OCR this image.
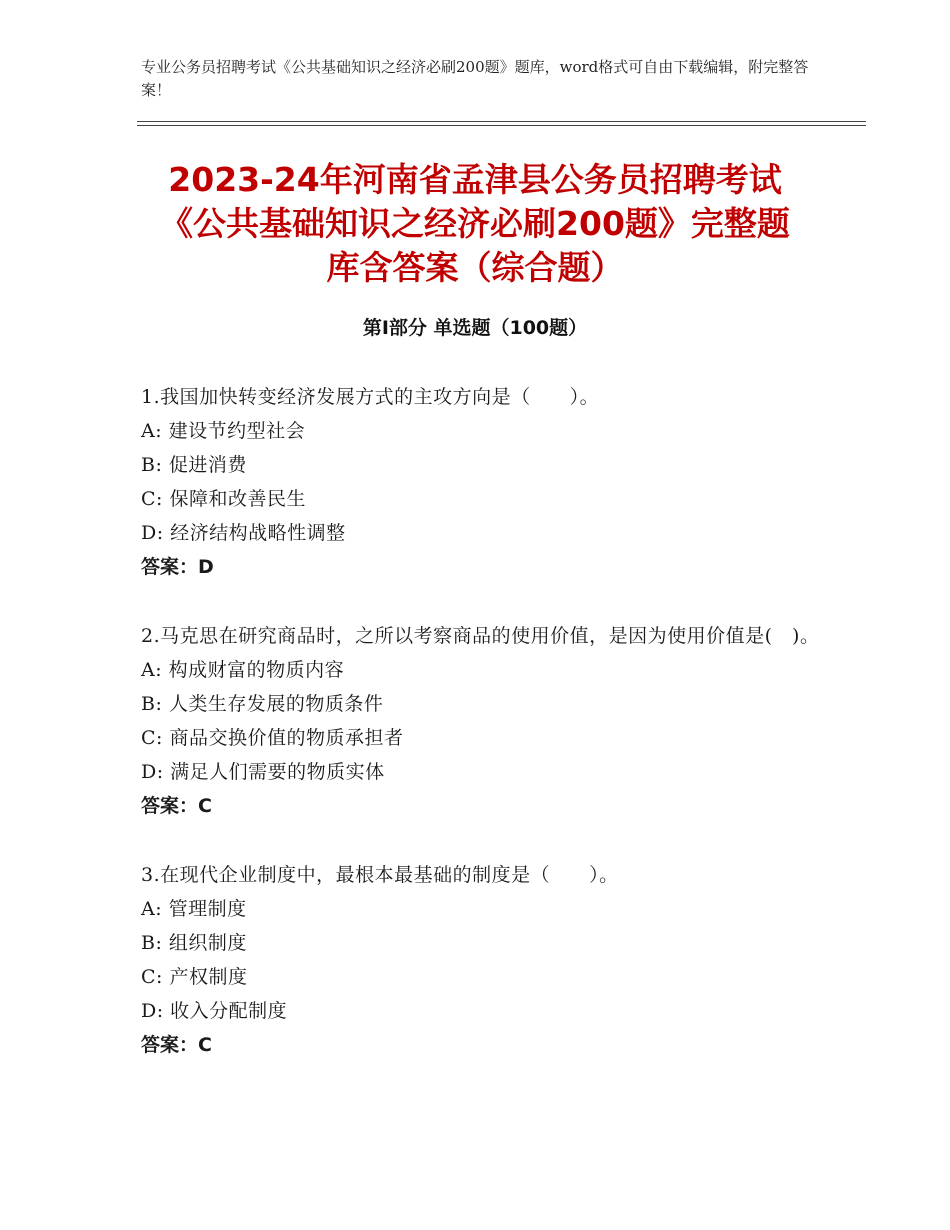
专业公务员招聘考试《公共基础知识之经济必刷200题》题库，word格式可自由下载编辑，附完整答案！
2023-24年河南省孟津县公务员招聘考试
《公共基础知识之经济必刷200题》完整题
库含答案（综合题）
第Ⅰ部分 单选题（100题）
1.我国加快转变经济发展方式的主攻方向是（　　）。
A: 建设节约型社会
B: 促进消费
C: 保障和改善民生
D: 经济结构战略性调整
答案：D
2.马克思在研究商品时，之所以考察商品的使用价值，是因为使用价值是(　)。
A: 构成财富的物质内容
B: 人类生存发展的物质条件
C: 商品交换价值的物质承担者
D: 满足人们需要的物质实体
答案：C
3.在现代企业制度中，最根本最基础的制度是（　　）。
A: 管理制度
B: 组织制度
C: 产权制度
D: 收入分配制度
答案：C
